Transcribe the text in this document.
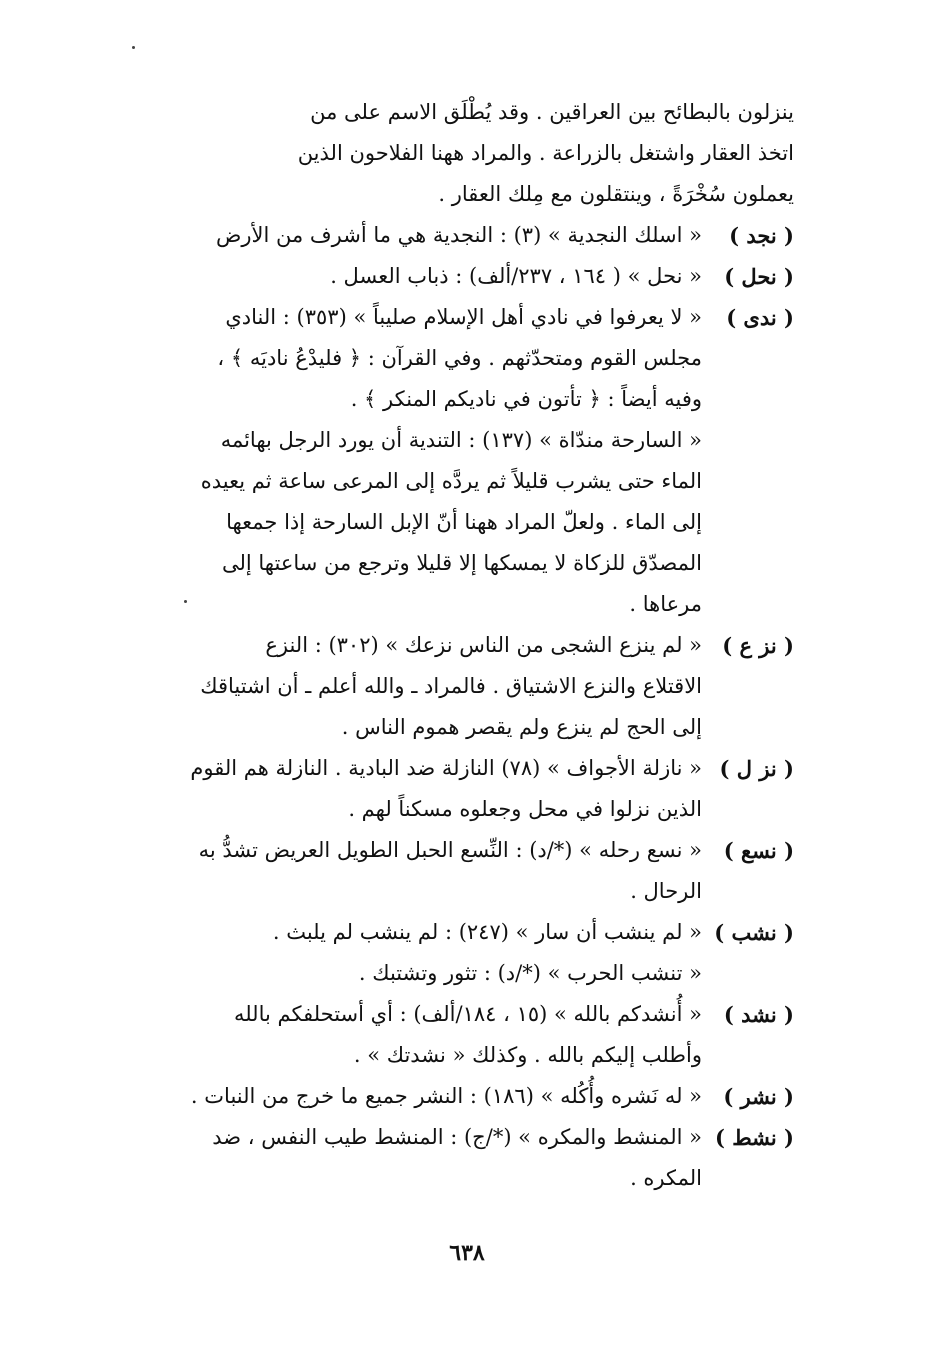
ينزلون بالبطائح بين العراقين . وقد يُطْلَق الاسم على من
اتخذ العقار واشتغل بالزراعة . والمراد ههنا الفلاحون الذين
يعملون سُخْرَةً ، وينتقلون مع مِلك العقار .
( نجد )
« اسلك النجدية » (٣) : النجدية هي ما أشرف من الأرض
( نحل )
« نحل » ( ١٦٤ ، ٢٣٧/ألف) : ذباب العسل .
( ندى )
« لا يعرفوا في نادي أهل الإسلام صليباً » (٣٥٣) : النادي
مجلس القوم ومتحدّثهم . وفي القرآن : ﴿ فليدْعُ ناديَه ﴾ ،
وفيه أيضاً : ﴿ تأتون في ناديكم المنكر ﴾ .
« السارحة مندّاة » (١٣٧) : التندية أن يورد الرجل بهائمه
الماء حتى يشرب قليلاً ثم يردَّه إلى المرعى ساعة ثم يعيده
إلى الماء . ولعلّ المراد ههنا أنّ الإبل السارحة إذا جمعها
المصدّق للزكاة لا يمسكها إلا قليلا وترجع من ساعتها إلى
مرعاها .
( نز ع )
« لم ينزع الشجى من الناس نزعك » (٣٠٢) : النزع
الاقتلاع والنزع الاشتياق . فالمراد ـ والله أعلم ـ أن اشتياقك
إلى الحج لم ينزع ولم يقصر هموم الناس .
( نز ل )
« نازلة الأجواف » (٧٨) النازلة ضد البادية . النازلة هم القوم
الذين نزلوا في محل وجعلوه مسكناً لهم .
( نسع )
« نسع رحله » (*/د) : النِّسع الحبل الطويل العريض تشدُّ به
الرحال .
( نشب )
« لم ينشب أن سار » (٢٤٧) : لم ينشب لم يلبث .
« تنشب الحرب » (*/د) : تثور وتشتبك .
( نشد )
« أُنشدكم بالله » (١٥ ، ١٨٤/ألف) : أي أستحلفكم بالله
وأطلب إليكم بالله . وكذلك « نشدتك » .
( نشر )
« له نَشره وأُكُله » (١٨٦) : النشر جميع ما خرج من النبات .
( نشط )
« المنشط والمكره » (*/ج) : المنشط طيب النفس ، ضد
المكره .
٦٣٨
